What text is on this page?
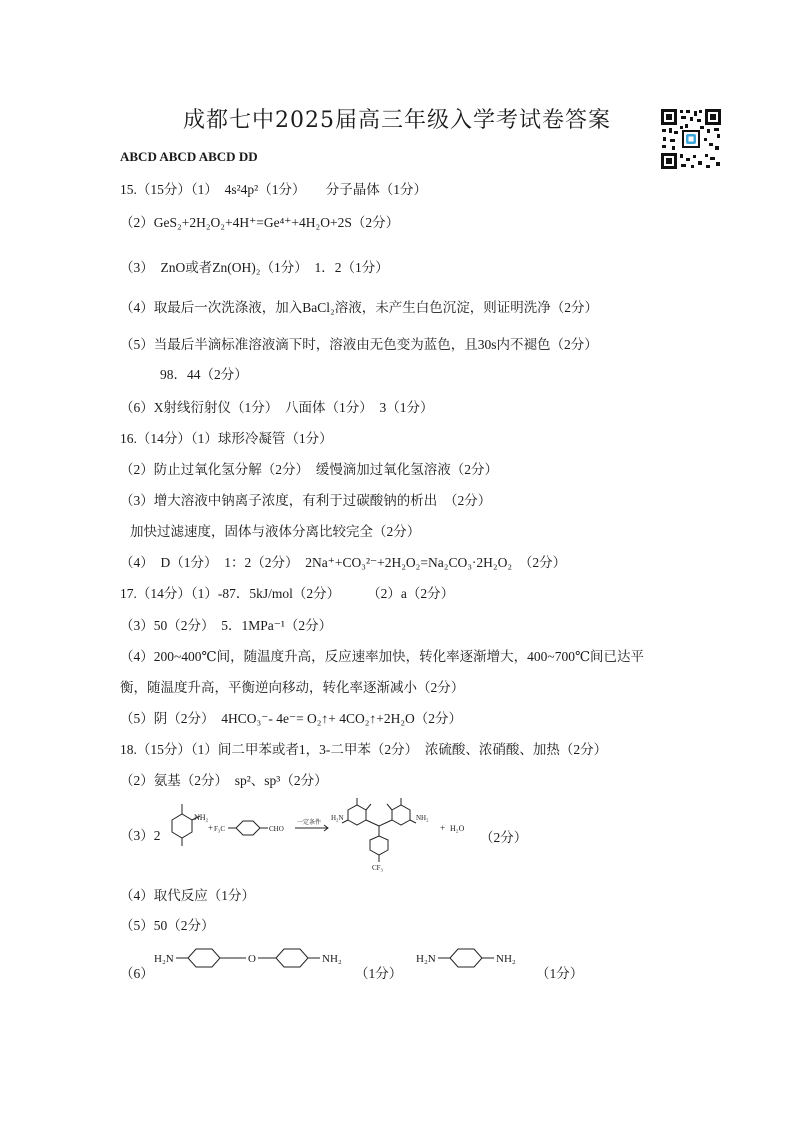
成都七中2025届高三年级入学考试卷答案
ABCD ABCD ABCD DD
15.（15分）（1）　4s²4p²（1分）　　分子晶体（1分）
（2）GeS₂+2H₂O₂+4H⁺=Ge⁴⁺+4H₂O+2S（2分）
（3）　ZnO或者Zn(OH)₂（1分）　1．2（1分）
（4）取最后一次洗涤液，加入BaCl₂溶液，未产生白色沉淀，则证明洗净（2分）
（5）当最后半滴标准溶液滴下时，溶液由无色变为蓝色，且30s内不褪色（2分）
98．44（2分）
（6）X射线衍射仪（1分）　八面体（1分）　3（1分）
16.（14分）（1）球形冷凝管（1分）
（2）防止过氧化氢分解（2分）　缓慢滴加过氧化氢溶液（2分）
（3）增大溶液中钠离子浓度，有利于过碳酸钠的析出　（2分）
加快过滤速度，固体与液体分离比较完全（2分）
（4）　D（1分）　1：2（2分）　2Na⁺+CO₃²⁻+2H₂O₂=Na₂CO₃·2H₂O₂　（2分）
17.（14分）（1）-87．5kJ/mol（2分）　　　（2）a（2分）
（3）50（2分）　5．1MPa⁻¹（2分）
（4）200~400℃间，随温度升高，反应速率加快，转化率逐渐增大，400~700℃间已达平
衡，随温度升高，平衡逆向移动，转化率逐渐减小（2分）
（5）阴（2分）　4HCO₃⁻- 4e⁻= O₂↑+ 4CO₂↑+2H₂O（2分）
18.（15分）（1）间二甲苯或者1，3-二甲苯（2分）　浓硫酸、浓硝酸、加热（2分）
（2）氨基（2分）　sp²、sp³（2分）
（3）2
NH₂
+ F₃C	CHO
一定条件
H₂N	NH₂
CF₃
+ H₂O
（2分）
（4）取代反应（1分）
（5）50（2分）
（6）
H₂N	O	NH₂
（1分）
H₂N	NH₂
（1分）
